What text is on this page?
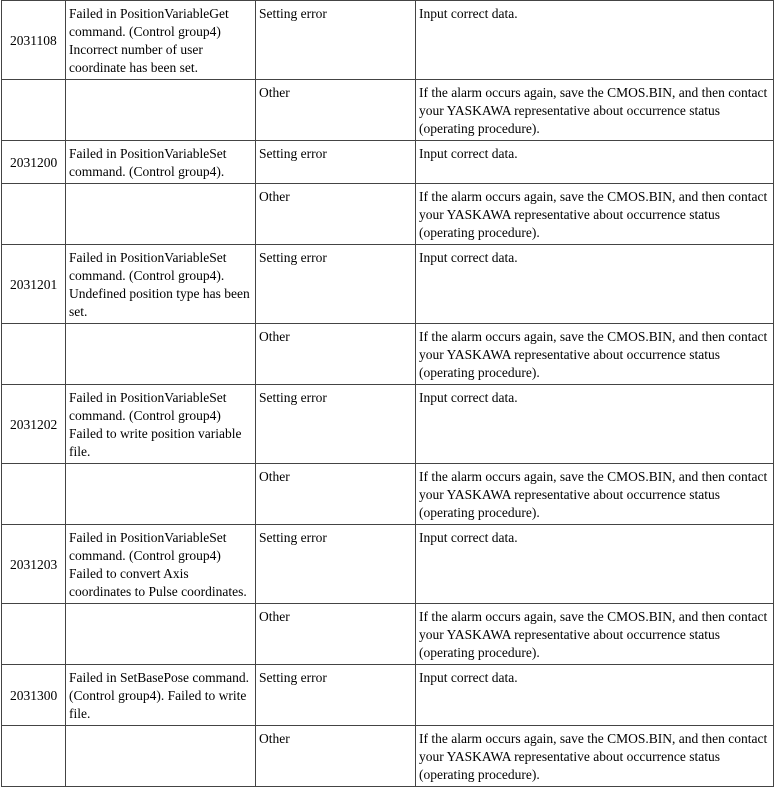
2031108	Failed in PositionVariableGet command. (Control group4) Incorrect number of user coordinate has been set.	Setting error	Input correct data.
		Other	If the alarm occurs again, save the CMOS.BIN, and then contact your YASKAWA representative about occurrence status (operating procedure).
2031200	Failed in PositionVariableSet command. (Control group4).	Setting error	Input correct data.
		Other	If the alarm occurs again, save the CMOS.BIN, and then contact your YASKAWA representative about occurrence status (operating procedure).
2031201	Failed in PositionVariableSet command. (Control group4). Undefined position type has been set.	Setting error	Input correct data.
		Other	If the alarm occurs again, save the CMOS.BIN, and then contact your YASKAWA representative about occurrence status (operating procedure).
2031202	Failed in PositionVariableSet command. (Control group4) Failed to write position variable file.	Setting error	Input correct data.
		Other	If the alarm occurs again, save the CMOS.BIN, and then contact your YASKAWA representative about occurrence status (operating procedure).
2031203	Failed in PositionVariableSet command. (Control group4) Failed to convert Axis coordinates to Pulse coordinates.	Setting error	Input correct data.
		Other	If the alarm occurs again, save the CMOS.BIN, and then contact your YASKAWA representative about occurrence status (operating procedure).
2031300	Failed in SetBasePose command. (Control group4). Failed to write file.	Setting error	Input correct data.
		Other	If the alarm occurs again, save the CMOS.BIN, and then contact your YASKAWA representative about occurrence status (operating procedure).
